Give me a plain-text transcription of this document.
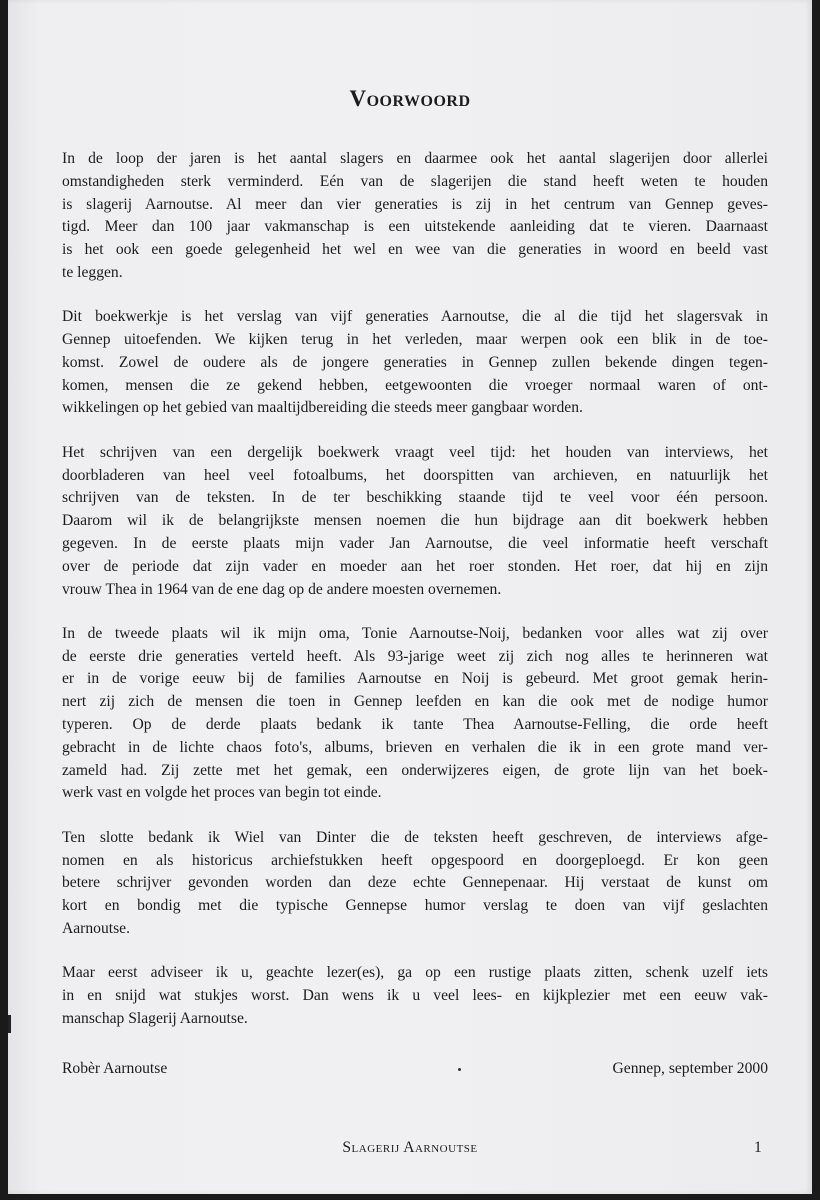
Voorwoord
In de loop der jaren is het aantal slagers en daarmee ook het aantal slagerijen door allerlei
omstandigheden sterk verminderd. Eén van de slagerijen die stand heeft weten te houden
is slagerij Aarnoutse. Al meer dan vier generaties is zij in het centrum van Gennep geves-
tigd. Meer dan 100 jaar vakmanschap is een uitstekende aanleiding dat te vieren. Daarnaast
is het ook een goede gelegenheid het wel en wee van die generaties in woord en beeld vast
te leggen.
Dit boekwerkje is het verslag van vijf generaties Aarnoutse, die al die tijd het slagersvak in
Gennep uitoefenden. We kijken terug in het verleden, maar werpen ook een blik in de toe-
komst. Zowel de oudere als de jongere generaties in Gennep zullen bekende dingen tegen-
komen, mensen die ze gekend hebben, eetgewoonten die vroeger normaal waren of ont-
wikkelingen op het gebied van maaltijdbereiding die steeds meer gangbaar worden.
Het schrijven van een dergelijk boekwerk vraagt veel tijd: het houden van interviews, het
doorbladeren van heel veel fotoalbums, het doorspitten van archieven, en natuurlijk het
schrijven van de teksten. In de ter beschikking staande tijd te veel voor één persoon.
Daarom wil ik de belangrijkste mensen noemen die hun bijdrage aan dit boekwerk hebben
gegeven. In de eerste plaats mijn vader Jan Aarnoutse, die veel informatie heeft verschaft
over de periode dat zijn vader en moeder aan het roer stonden. Het roer, dat hij en zijn
vrouw Thea in 1964 van de ene dag op de andere moesten overnemen.
In de tweede plaats wil ik mijn oma, Tonie Aarnoutse-Noij, bedanken voor alles wat zij over
de eerste drie generaties verteld heeft. Als 93-jarige weet zij zich nog alles te herinneren wat
er in de vorige eeuw bij de families Aarnoutse en Noij is gebeurd. Met groot gemak herin-
nert zij zich de mensen die toen in Gennep leefden en kan die ook met de nodige humor
typeren. Op de derde plaats bedank ik tante Thea Aarnoutse-Felling, die orde heeft
gebracht in de lichte chaos foto's, albums, brieven en verhalen die ik in een grote mand ver-
zameld had. Zij zette met het gemak, een onderwijzeres eigen, de grote lijn van het boek-
werk vast en volgde het proces van begin tot einde.
Ten slotte bedank ik Wiel van Dinter die de teksten heeft geschreven, de interviews afge-
nomen en als historicus archiefstukken heeft opgespoord en doorgeploegd. Er kon geen
betere schrijver gevonden worden dan deze echte Gennepenaar. Hij verstaat de kunst om
kort en bondig met die typische Gennepse humor verslag te doen van vijf geslachten
Aarnoutse.
Maar eerst adviseer ik u, geachte lezer(es), ga op een rustige plaats zitten, schenk uzelf iets
in en snijd wat stukjes worst. Dan wens ik u veel lees- en kijkplezier met een eeuw vak-
manschap Slagerij Aarnoutse.
Robèr Aarnoutse	Gennep, september 2000
Slagerij Aarnoutse	1
